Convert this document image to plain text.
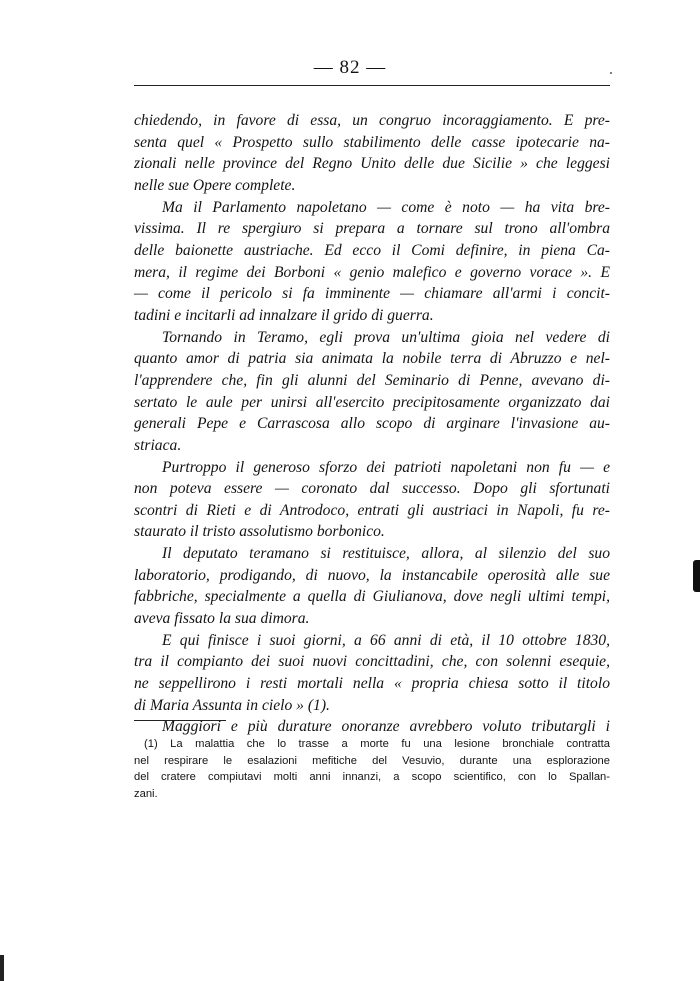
— 82 —
chiedendo, in favore di essa, un congruo incoraggiamento. E pre-
senta quel « Prospetto sullo stabilimento delle casse ipotecarie na-
zionali nelle province del Regno Unito delle due Sicilie » che leggesi
nelle sue Opere complete.
Ma il Parlamento napoletano — come è noto — ha vita bre-
vissima. Il re spergiuro si prepara a tornare sul trono all'ombra
delle baionette austriache. Ed ecco il Comi definire, in piena Ca-
mera, il regime dei Borboni « genio malefico e governo vorace ». E
— come il pericolo si fa imminente — chiamare all'armi i concit-
tadini e incitarli ad innalzare il grido di guerra.
Tornando in Teramo, egli prova un'ultima gioia nel vedere di
quanto amor di patria sia animata la nobile terra di Abruzzo e nel-
l'apprendere che, fin gli alunni del Seminario di Penne, avevano di-
sertato le aule per unirsi all'esercito precipitosamente organizzato dai
generali Pepe e Carrascosa allo scopo di arginare l'invasione au-
striaca.
Purtroppo il generoso sforzo dei patrioti napoletani non fu — e
non poteva essere — coronato dal successo. Dopo gli sfortunati
scontri di Rieti e di Antrodoco, entrati gli austriaci in Napoli, fu re-
staurato il tristo assolutismo borbonico.
Il deputato teramano si restituisce, allora, al silenzio del suo
laboratorio, prodigando, di nuovo, la instancabile operosità alle sue
fabbriche, specialmente a quella di Giulianova, dove negli ultimi tempi,
aveva fissato la sua dimora.
E qui finisce i suoi giorni, a 66 anni di età, il 10 ottobre 1830,
tra il compianto dei suoi nuovi concittadini, che, con solenni esequie,
ne seppellirono i resti mortali nella « propria chiesa sotto il titolo
di Maria Assunta in cielo » (1).
Maggiori e più durature onoranze avrebbero voluto tributargli i
(1) La malattia che lo trasse a morte fu una lesione bronchiale contratta
nel respirare le esalazioni mefitiche del Vesuvio, durante una esplorazione
del cratere compiutavi molti anni innanzi, a scopo scientifico, con lo Spallan-
zani.
